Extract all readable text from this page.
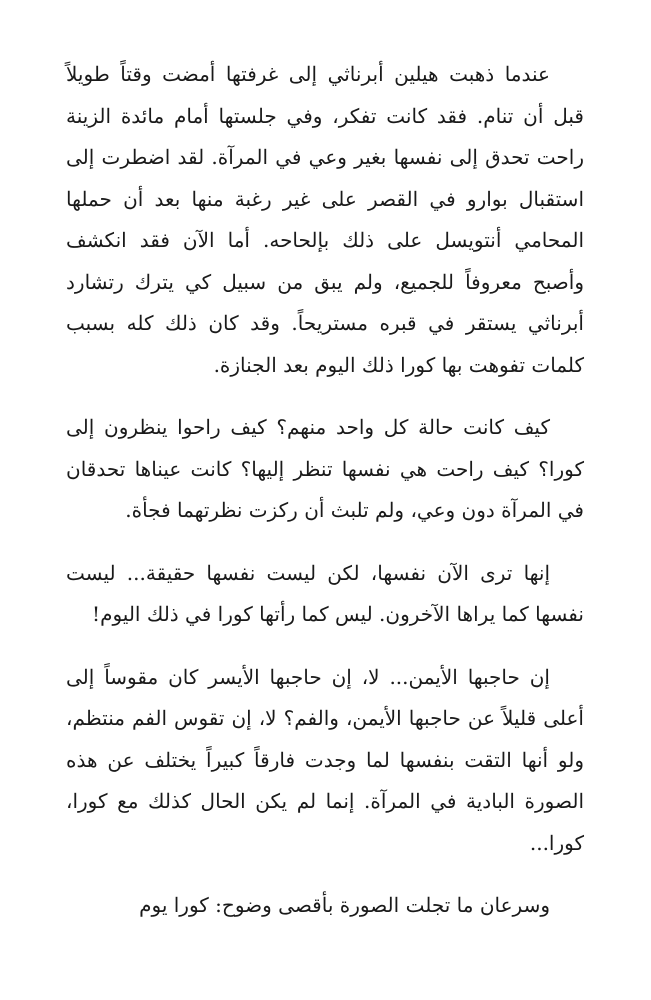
عندما ذهبت هيلين أبرناثي إلى غرفتها أمضت وقتاً طويلاً قبل أن تنام. فقد كانت تفكر، وفي جلستها أمام مائدة الزينة راحت تحدق إلى نفسها بغير وعي في المرآة. لقد اضطرت إلى استقبال بوارو في القصر على غير رغبة منها بعد أن حملها المحامي أنتويسل على ذلك بإلحاحه. أما الآن فقد انكشف وأصبح معروفاً للجميع، ولم يبق من سبيل كي يترك رتشارد أبرناثي يستقر في قبره مستريحاً. وقد كان ذلك كله بسبب كلمات تفوهت بها كورا ذلك اليوم بعد الجنازة.

كيف كانت حالة كل واحد منهم؟ كيف راحوا ينظرون إلى كورا؟ كيف راحت هي نفسها تنظر إليها؟ كانت عيناها تحدقان في المرآة دون وعي، ولم تلبث أن ركزت نظرتهما فجأة.

إنها ترى الآن نفسها، لكن ليست نفسها حقيقة... ليست نفسها كما يراها الآخرون. ليس كما رأتها كورا في ذلك اليوم!

إن حاجبها الأيمن... لا، إن حاجبها الأيسر كان مقوساً إلى أعلى قليلاً عن حاجبها الأيمن، والفم؟ لا، إن تقوس الفم منتظم، ولو أنها التقت بنفسها لما وجدت فارقاً كبيراً يختلف عن هذه الصورة البادية في المرآة. إنما لم يكن الحال كذلك مع كورا، كورا...

وسرعان ما تجلت الصورة بأقصى وضوح: كورا يوم
